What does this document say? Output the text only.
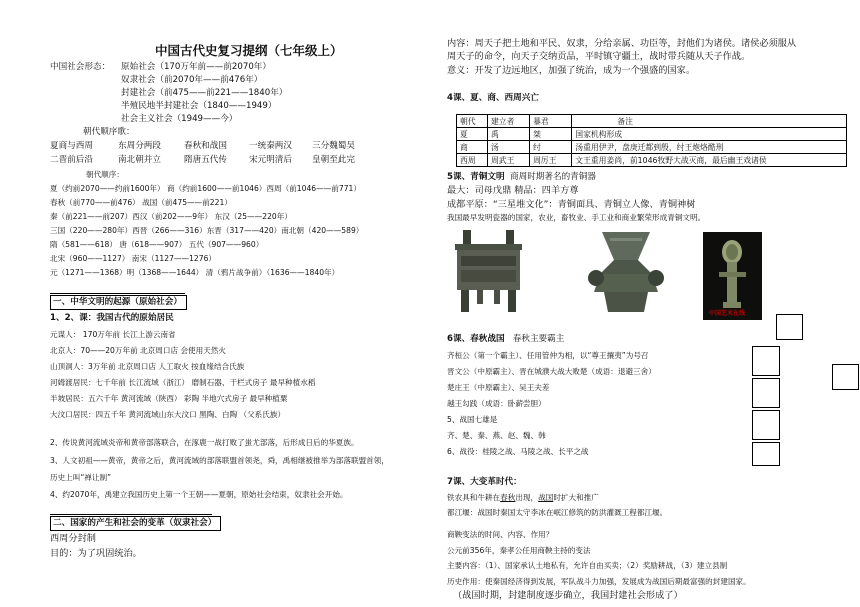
中国古代史复习提纲（七年级上）
中国社会形态： 原始社会（170万年前——前2070年）
奴隶社会（前2070年——前476年）
封建社会（前475——前221——1840年）
半殖民地半封建社会（1840——1949）
社会主义社会（1949——今）
朝代顺序歌：
夏商与西周	东周分两段	春秋和战国	一统秦两汉 三分魏蜀吴
二晋前后沿	南北朝并立	隋唐五代传	宋元明清后 皇朝至此完
朝代顺序：
夏（约前2070——约前1600年） 商（约前1600——前1046）西周（前1046——前771）
春秋（前770——前476） 战国（前475——前221）
秦（前221——前207）西汉（前202——9年） 东汉（25——220年）
三国（220——280年）西晋（266——316）东晋（317——420）南北朝（420——589）
隋（581——618） 唐（618——907） 五代（907——960）
北宋（960——1127） 南宋（1127——1276）
元（1271——1368）明（1368——1644） 清（鸦片战争前）（1636——1840年）
一、中华文明的起源（原始社会）
1、2、课：我国古代的原始居民
元谋人： 170万年前 长江上游云南省
北京人：70——20万年前 北京周口店 会使用天然火
山顶洞人：3万年前 北京周口店 人工取火 按血缘结合氏族
河姆渡居民：七千年前 长江流域（浙江） 磨制石器、干栏式房子 最早种植水稻
半坡居民：五六千年 黄河流域（陕西） 彩陶 半地穴式房子 最早种植粟
大汶口居民：四五千年 黄河流域山东大汶口 黑陶、白陶 （父系氏族）
2、传说黄河流域炎帝和黄帝部落联合，在涿鹿一战打败了蚩尤部落，后形成日后的华夏族。
3、人文初祖——黄帝，黄帝之后，黄河流域的部落联盟首领尧，舜，禹相继被推举为部落联盟首领，
历史上叫“禅让制”
4、约2070年，禹建立我国历史上第一个王朝——夏朝，原始社会结束，奴隶社会开始。
二、国家的产生和社会的变革（奴隶社会）
西周分封制
目的：为了巩固统治。
内容：周天子把土地和平民、奴隶，分给亲属、功臣等，封他们为诸侯。诸侯必须服从
周天子的命令，向天子交纳贡品，平时镇守疆土，战时带兵随从天子作战。
意义：开发了边远地区，加强了统治，成为一个强盛的国家。
4课、夏、商、西周兴亡
朝代	建立者	暴君	备注
夏	禹	桀	国家机构形成
商	汤	纣	汤重用伊尹，盘庚迁都到殷，纣王炮烙酷刑
西周	周武王	周厉王	文王重用姜尚，前1046牧野大战灭商，最后幽王戏诸侯
5课、青铜文明 商周时期著名的青铜器
最大：司母戊鼎 精品：四羊方尊
成都平原：“三星堆文化”：青铜面具、青铜立人像、青铜神树
我国最早发明瓷器的国家，农业，畜牧业、手工业和商业繁荣形成青铜文明。
中国艺术在线
6课、春秋战国 春秋主要霸主
齐桓公（第一个霸主）、任用管仲为相，以“尊王攘夷”为号召
晋文公（中原霸主）、晋在城濮大战大败楚（成语：退避三舍）
楚庄王（中原霸主）、吴王夫差
越王勾践（成语：卧薪尝胆）
5、战国七雄是
齐、楚、秦、燕、赵、魏、韩
6、战役：桂陵之战、马陵之战、长平之战
7课、大变革时代：
铁农具和牛耕在春秋出现，战国时扩大和推广
都江堰：战国时秦国太守李冰在岷江修筑的防洪灌溉工程都江堰。
商鞅变法的时间、内容、作用？
公元前356年，秦孝公任用商鞅主持的变法
主要内容：（1）、国家承认土地私有，允许自由买卖；（2）奖励耕战，（3）建立县制
历史作用：使秦国经济得到发展，军队战斗力加强，发展成为战国后期最富强的封建国家。
（战国时期，封建制度逐步确立，我国封建社会形成了）
